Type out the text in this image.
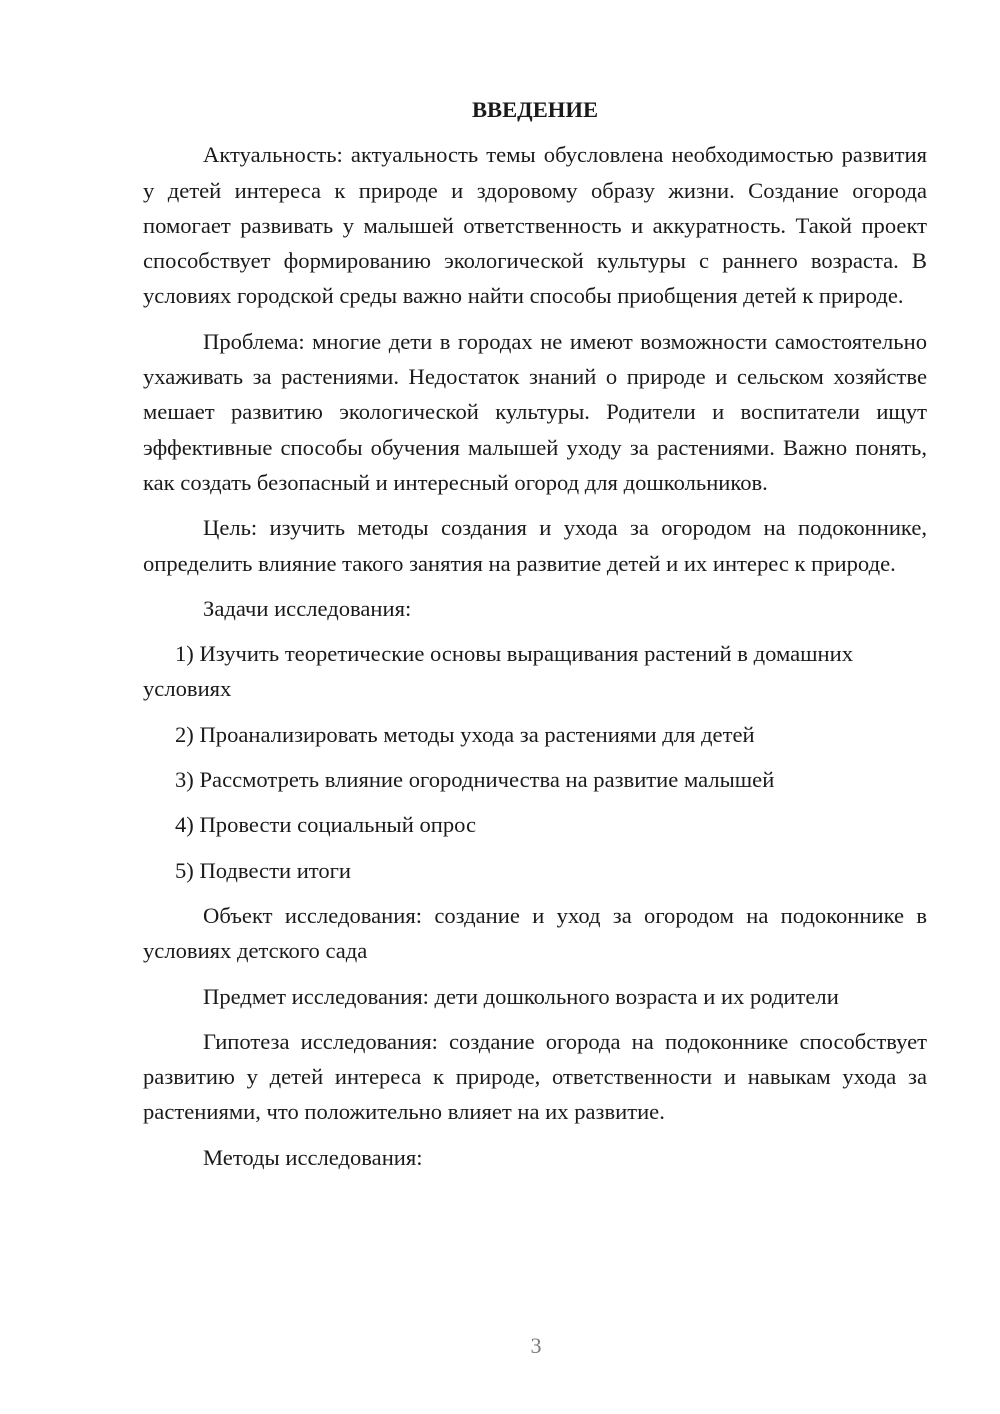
ВВЕДЕНИЕ

Актуальность: актуальность темы обусловлена необходимостью развития у детей интереса к природе и здоровому образу жизни. Создание огорода помогает развивать у малышей ответственность и аккуратность. Такой проект способствует формированию экологической культуры с раннего возраста. В условиях городской среды важно найти способы приобщения детей к природе.

Проблема: многие дети в городах не имеют возможности самостоятельно ухаживать за растениями. Недостаток знаний о природе и сельском хозяйстве мешает развитию экологической культуры. Родители и воспитатели ищут эффективные способы обучения малышей уходу за растениями. Важно понять, как создать безопасный и интересный огород для дошкольников.

Цель: изучить методы создания и ухода за огородом на подоконнике, определить влияние такого занятия на развитие детей и их интерес к природе.

Задачи исследования:

1) Изучить теоретические основы выращивания растений в домашних условиях

2) Проанализировать методы ухода за растениями для детей

3) Рассмотреть влияние огородничества на развитие малышей

4) Провести социальный опрос

5) Подвести итоги

Объект исследования: создание и уход за огородом на подоконнике в условиях детского сада

Предмет исследования: дети дошкольного возраста и их родители

Гипотеза исследования: создание огорода на подоконнике способствует развитию у детей интереса к природе, ответственности и навыкам ухода за растениями, что положительно влияет на их развитие.

Методы исследования:

3
